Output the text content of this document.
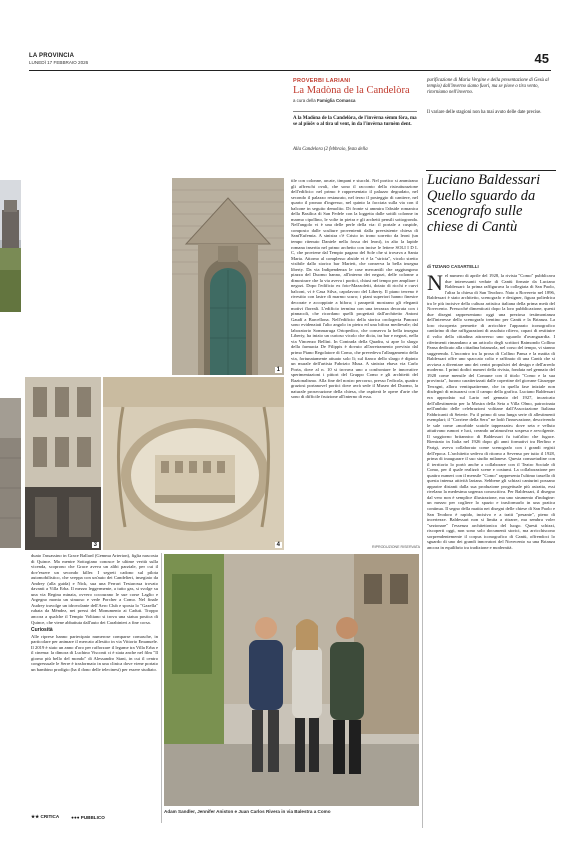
LA PROVINCIA
LUNEDÌ 17 FEBBRAIO 2026	45
PROVERBI LARIANI
La Madòna de la Candelòra
a cura della Famiglia Comasca
A la Madòna de la Candelòra, de l'invèrna sèmm fòra, ma se al piòöv o al tira ul vent, in da l'invèrna turnèm dent.
Alla Candelora (2 febbraio, festa della
purificazione di Maria Vergine e della presentazione di Gesù al tempio) dall'inverno siamo fuori, ma se piove o tira vento, ritorniamo nell'inverno.
Il variare delle stagioni non ha mai avuto delle date precise.
1
3	4

tile con colonne, arcate, timpani e stucchi. Nel portico si ammirano gli affreschi ovali, che sono il racconto della ristrutturazione dell'edificio: nel primo è rappresentato il palazzo degradato, nel secondo il palazzo restaurato, nel terzo il posteggio di cantiere, nel quarto il pronao d'ingresso, nel quinto la facciata sulla via con il balcone in seguito demolito. Di fronte si ammira l'abside romanica della Basilica di San Fedele con la loggetta dalle sottili colonne in marmo cipollino, le volte in pietra e gli archetti pensili sottogronda. Nell'angolo vi è una delle perle della via: il portale a cuspide, composto dalle sculture provenienti dalla preesistente chiesa di Sant'Eufemia. A sinistra c'è Cristo in trono sorretto da leoni (un tempo ritenuto Daniele nella fossa dei leoni), in alto la lapide romana inserita nel primo archetto con incise le lettere SOLI I D L C, che proviene dal Tempio pagano del Sole che si trovava a Santa Marta. Attorno al complesso abside vi è la "stricta", vicolo stretto visibile dallo storico bar Mariett, che conserva la bella insegna liberty. Da via Indipendenza le case mercantili che raggiungono piazza del Duomo hanno, all'interno dei negozi, delle colonne a dimostrare che la via aveva i portici, chiusi nel tempo per ampliare i negozi. Dopo l'edificio ex foto-Mazzoletti, dotato di ricchi e curvi balconi, vi è Casa Silva, capolavoro del Liberty. Il piano terreno è rivestito con lastre di marmo scuro; i piani superiori hanno finestre decorate e accoppiate a bifora; i parapetti mostrano gli eleganti motivi floreali. L'edificio termina con una terrazza decorata con i pinnacoli, che ricordano quelli progettati dall'architetto Antoni Gaudí a Barcellona. Nell'edificio della storica orologeria Panozzi sono evidenziati l'alto angolo in pietra ed una bifora medievale; dal laboratorio Sommaruga Ortopedico, che conserva la bella insegna Liberty, ha inizio un curioso vicolo che dicia, tra bar e negozi, nella via Vincenzo Bellini. In Contrada della Quadra, si apre lo slargo della farmacia De Filippis è dovuto all'arretramento previsto dal primo Piano Regolatore di Como, che prevedeva l'allargamento della via, fortunatamente attuato solo lì; sul fianco dello slargo è dipinto un murale dell'artista Fabrizio Musa. A sinistra ebava via Carlo Porta, dove al n. 10 si trovava uno a confrontare le innovative sperimentazioni i pittori del Gruppo Como e gli architetti del Razionalismo. Alla fine del nostro percorso, presso l'edicola, quattro graziosi portanovel portici dove avrà sede il Museo del Duomo, la naturale prosecuzione della chiesa, che ospiterà le opere d'arte che sono di difficile fruizione all'interno di essa.

RIPRODUZIONE RISERVATA
Luciano Baldessari Quello sguardo da scenografo sulle chiese di Cantù
di TIZIANO CASARTELLI
N el numero di aprile del 1928, la rivista "Como" pubblicava due interessanti vedute di Cantù firmate da Luciano Baldessari: la prima raffigurava la collegiata di San Paolo, l'altra la chiesa di San Teodoro. Nato a Rovereto nel 1896, Baldessari è stato architetto, scenografo e designer, figura poliedrica tra le più incisive della cultura artistica italiana della prima metà del Novecento. Pressoché dimenticati dopo la loro pubblicazione, questi due disegni rappresentano oggi una preziosa testimonianza dell'interesse dello scenografo trentino per Cantù e la Brianza. La loro riscoperta permette di arricchire l'apparato iconografico cantùrino di due raffigurazioni di assoluto rilievo, capaci di restituire il volto della cittadina attraverso uno sguardo d'avanguardia. I riferimenti rimandano a un articolo degli scrittori Raimondo Collino Pansa dedicato alla cittadina brianzola, nel corso del tempo, vi stanno suggerendo. L'incontro tra la prosa di Collino Pansa e la matita di Baldessari offre uno spaccato colto e raffinato di una Cantù che si avviava a diventare uno dei centri propulsivi del design e dell'arredo moderno. I primi dodici numeri della rivista, fondata nel gennaio del 1928 come mensile del Comune con il titolo "Como e la sua provincia", furono caratterizzati dalle copertine del giovane Giuseppe Terragni, allora ventiquattrenne, che in quella fase iniziale non disdegnò di misurarsi con il campo della grafica. Luciano Baldessari era approdato sul Lario nel gennaio del 1927, incaricato dell'allestimento per la Mostra della Seta a Villa Olmo, patrocinata nell'ambito delle celebrazioni voltiane dall'Associazione Italiana Fabbricanti di Seterie. Fu il primo di una lunga serie di allestimenti esemplari; il "Corriere della Sera" ne lodò l'innovazione, descrivendo le sale come «morbide scatole tappezzate» dove seta e velluto attutivano rumori e luci, creando un'atmosfera sospesa e avvolgente. Il soggiorno britannico di Baldessari fu tutt'altro che fugace. Rientrato in Italia nel 1926 dopo gli anni formativi tra Berlino e Parigi, aveva collaborato come scenografo con i grandi registi dell'epoca. L'architetto sedeva di ritorno a Sevenso per tutto il 1928, prima di inaugurare il suo studio milanese. Questa consuetudine con il territorio lo portò anche a collaborare con il Teatro Sociale di Como, per il quale realizzò scene e costumi. La collaborazione per quattro numeri con il mensile "Como" rappresenta l'ultimo tassello di questa intensa attività lariana. Sebbene gli schizzi canturini possano apparire distanti dalla sua produzione progettuale più astratta, essi rivelano la medesima urgenza conoscitiva. Per Baldessari, il disegno dal vero non è semplice illustrazione, ma uno strumento d'indagine: un mezzo per cogliere lo spazio e trasformarlo in una pratica continua. Il segno della matita nei disegni delle chiese di San Paolo e San Teodoro è rapido, incisivo e a tratti "pesante", pieno di incertezze. Baldessari non si limita a ritrarre, ma sembra voler "sezionare" l'essenza architettonica del luogo. Questi schizzi, riscoperti oggi, non sono solo documenti storici, ma arricchiscono sorprendentemente il corpus iconografico di Cantù, offrendoci lo sguardo di uno dei grandi innovatori del Novecento su una Brianza ancora in equilibrio tra tradizione e modernità.

duato l'assassino in Grace Ballard (Gemma Arterton), figlia nascosta di Quince. Ma mentre Sottogiano conosce le ultime verità sulla vicenda, scoprono che Grace aveva un alibi parziale, per cui il dov'essere un secondo killer. I segreti cadono sul pilota automobilistico, che sveppa con un'auto dei Candelieri, insegiato da Andrey (alla guida) e Nick, sua una Ferrari Testarossa trovato davanti a Villa Erba. Il mezzo leggermente, a tutto gas, si svolge su una via Regina minata, ovvero cocourano le sue corse Laglio e Argegno monta un sinuoso e vede Porcher a Como. Nel finale Audrey travolge un idrovolante dell'Aero Club e sposta lo "Gazella" rubata da Méndez, nei pressi del Monumento ai Caduti. Troppo ancora a qualche il Tempio Voltiano si trova una statua postica di Quince, che viene abbattuta dall'auto dei Carabinieri a fine corsa.

Curiosità

Alle riprese hanno partecipato numerose comparse comasche, in particolare per animare il mercato allestito in via Vittorio Emanuele. Il 2019 è stato un anno d'oro per rafforzare il legame tra Villa Erba e il cinema: la dimora di Luchino Visconti ci è stata anche nel film "Il giorno più bello del mondo" di Alessandro Siani, in cui il centro congressuale le Serre è trasformato in una clinica dove viene portato un bambino prodigio (ha il dono delle telecinesi) per essere studiato.

★★ CRITICA	●●● PUBBLICO
Adam Sandler, Jennifer Aniston e Juan Carlos Rivera in via Balestra a Como
